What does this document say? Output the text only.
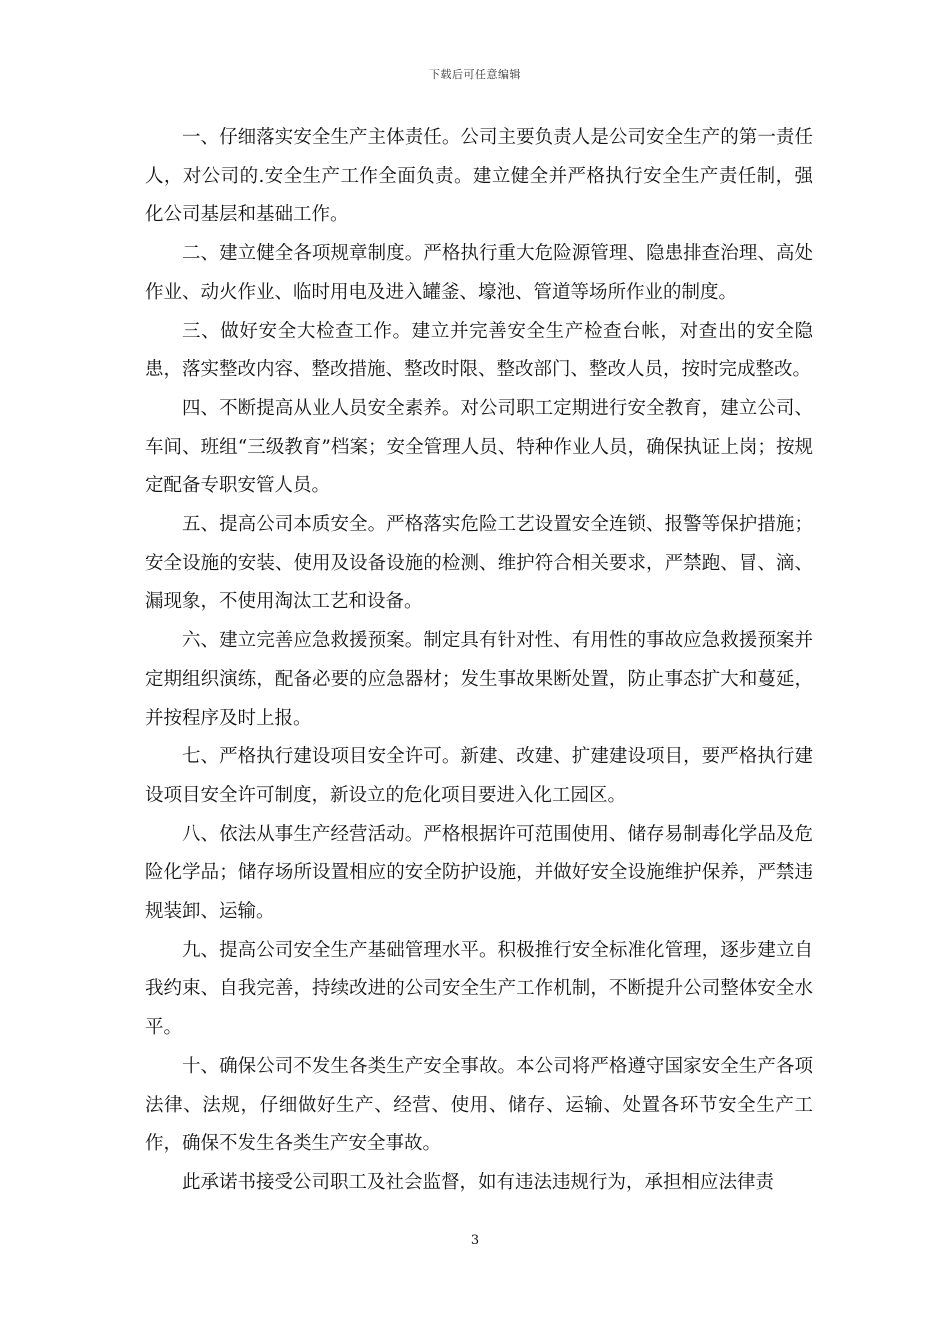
下载后可任意编辑

一、仔细落实安全生产主体责任。公司主要负责人是公司安全生产的第一责任人，对公司的.安全生产工作全面负责。建立健全并严格执行安全生产责任制，强化公司基层和基础工作。

二、建立健全各项规章制度。严格执行重大危险源管理、隐患排查治理、高处作业、动火作业、临时用电及进入罐釜、壕池、管道等场所作业的制度。

三、做好安全大检查工作。建立并完善安全生产检查台帐，对查出的安全隐患，落实整改内容、整改措施、整改时限、整改部门、整改人员，按时完成整改。

四、不断提高从业人员安全素养。对公司职工定期进行安全教育，建立公司、车间、班组“三级教育”档案；安全管理人员、特种作业人员，确保执证上岗；按规定配备专职安管人员。

五、提高公司本质安全。严格落实危险工艺设置安全连锁、报警等保护措施；安全设施的安装、使用及设备设施的检测、维护符合相关要求，严禁跑、冒、滴、漏现象，不使用淘汰工艺和设备。

六、建立完善应急救援预案。制定具有针对性、有用性的事故应急救援预案并定期组织演练，配备必要的应急器材；发生事故果断处置，防止事态扩大和蔓延，并按程序及时上报。

七、严格执行建设项目安全许可。新建、改建、扩建建设项目，要严格执行建设项目安全许可制度，新设立的危化项目要进入化工园区。

八、依法从事生产经营活动。严格根据许可范围使用、储存易制毒化学品及危险化学品；储存场所设置相应的安全防护设施，并做好安全设施维护保养，严禁违规装卸、运输。

九、提高公司安全生产基础管理水平。积极推行安全标准化管理，逐步建立自我约束、自我完善，持续改进的公司安全生产工作机制，不断提升公司整体安全水平。

十、确保公司不发生各类生产安全事故。本公司将严格遵守国家安全生产各项法律、法规，仔细做好生产、经营、使用、储存、运输、处置各环节安全生产工作，确保不发生各类生产安全事故。

此承诺书接受公司职工及社会监督，如有违法违规行为，承担相应法律责

3
